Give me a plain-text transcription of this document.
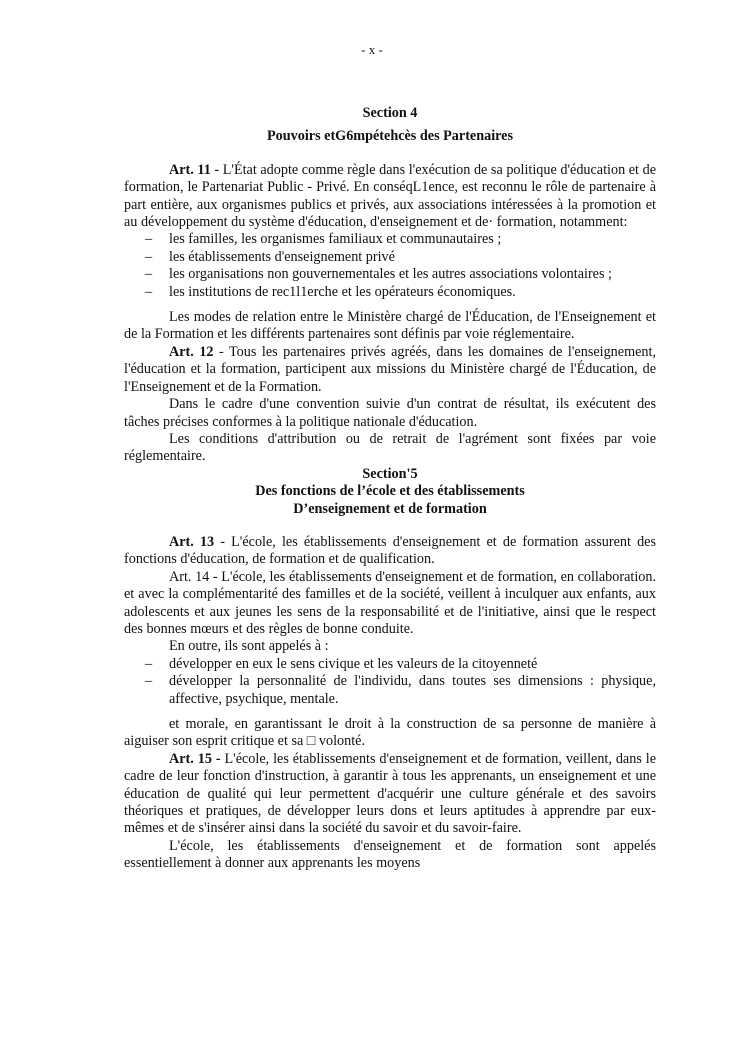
- x -
Section 4
Pouvoirs etG6mpétehcès des Partenaires

Art. 11 - L'État adopte comme règle dans l'exécution de sa politique d'éducation et de formation, le Partenariat Public - Privé. En conséqL1ence, est reconnu le rôle de partenaire à part entière, aux organismes publics et privés, aux associations intéressées à la promotion et au développement du système d'éducation, d'enseignement et de· formation, notamment:

– les familles, les organismes familiaux et communautaires ;
– les établissements d'enseignement privé
– les organisations non gouvernementales et les autres associations volontaires ;
– les institutions de rec1l1erche et les opérateurs économiques.

Les modes de relation entre le Ministère chargé de l'Éducation, de l'Enseignement et de la Formation et les différents partenaires sont définis par voie réglementaire.

Art. 12 - Tous les partenaires privés agréés, dans les domaines de l'enseignement, l'éducation et la formation, participent aux missions du Ministère chargé de l'Éducation, de l'Enseignement et de la Formation.

Dans le cadre d'une convention suivie d'un contrat de résultat, ils exécutent des tâches précises conformes à la politique nationale d'éducation.

Les conditions d'attribution ou de retrait de l'agrément sont fixées par voie réglementaire.

Section'5
Des fonctions de l’école et des établissements
D’enseignement et de formation

Art. 13 - L'école, les établissements d'enseignement et de formation assurent des fonctions d'éducation, de formation et de qualification.

Art. 14 - L'école, les établissements d'enseignement et de formation, en collaboration. et avec la complémentarité des familles et de la société, veillent à inculquer aux enfants, aux adolescents et aux jeunes les sens de la responsabilité et de l'initiative, ainsi que le respect des bonnes mœurs et des règles de bonne conduite.

En outre, ils sont appelés à :

– développer en eux le sens civique et les valeurs de la citoyenneté
– développer la personnalité de l'individu, dans toutes ses dimensions : physique, affective, psychique, mentale.

et morale, en garantissant le droit à la construction de sa personne de manière à aiguiser son esprit critique et sa □ volonté.

Art. 15 - L'école, les établissements d'enseignement et de formation, veillent, dans le cadre de leur fonction d'instruction, à garantir à tous les apprenants, un enseignement et une éducation de qualité qui leur permettent d'acquérir une culture générale et des savoirs théoriques et pratiques, de développer leurs dons et leurs aptitudes à apprendre par eux-mêmes et de s'insérer ainsi dans la société du savoir et du savoir-faire.

L'école, les établissements d'enseignement et de formation sont appelés essentiellement à donner aux apprenants les moyens
